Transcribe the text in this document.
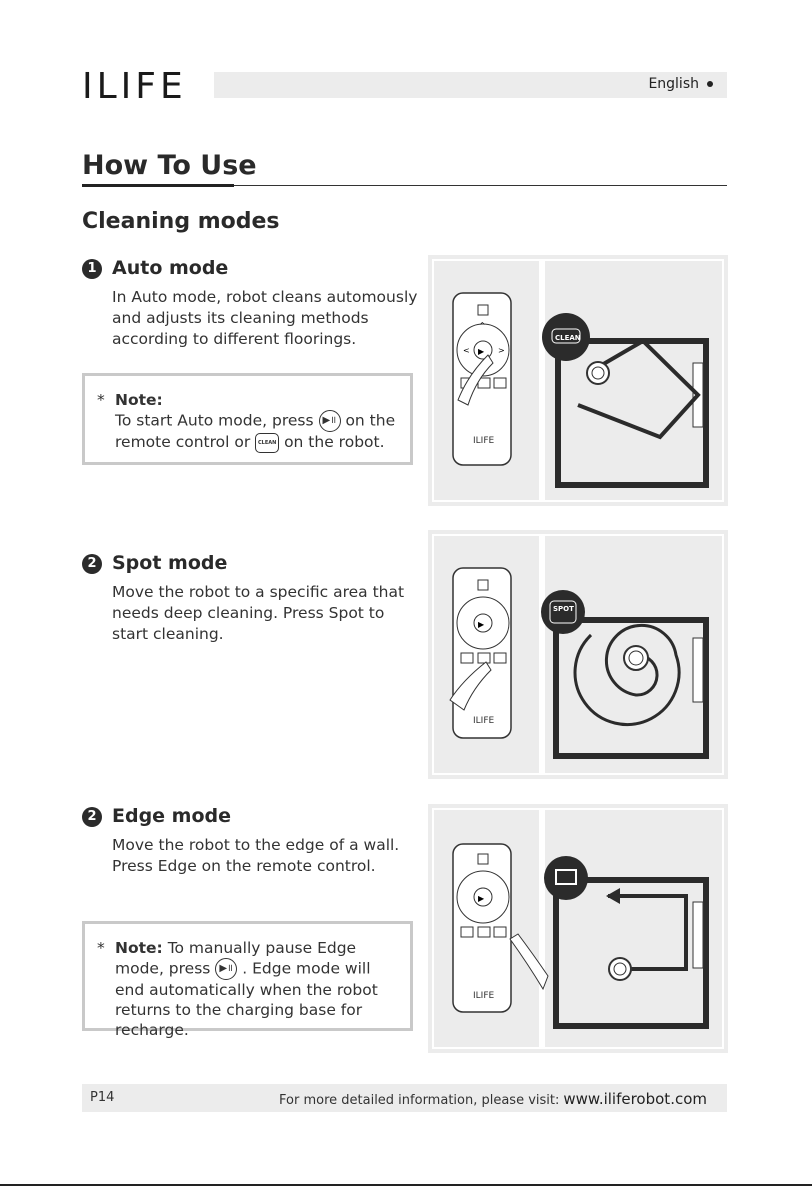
ILIFE	English
How To Use
Cleaning modes
1 Auto mode
In Auto mode, robot cleans automously and adjusts its cleaning methods according to different floorings.
* Note:
To start Auto mode, press ▶॥ on the remote control or CLEAN on the robot.
▶
^
<	>
ILIFE
CLEAN
2 Spot mode
Move the robot to a specific area that needs deep cleaning. Press Spot to start cleaning.
▶
ILIFE
SPOT
2 Edge mode
Move the robot to the edge of a wall. Press Edge on the remote control.
* Note: To manually pause Edge mode, press ▶॥ . Edge mode will end automatically when the robot returns to the charging base for recharge.
▶
ILIFE
P14	For more detailed information, please visit: www.iliferobot.com
